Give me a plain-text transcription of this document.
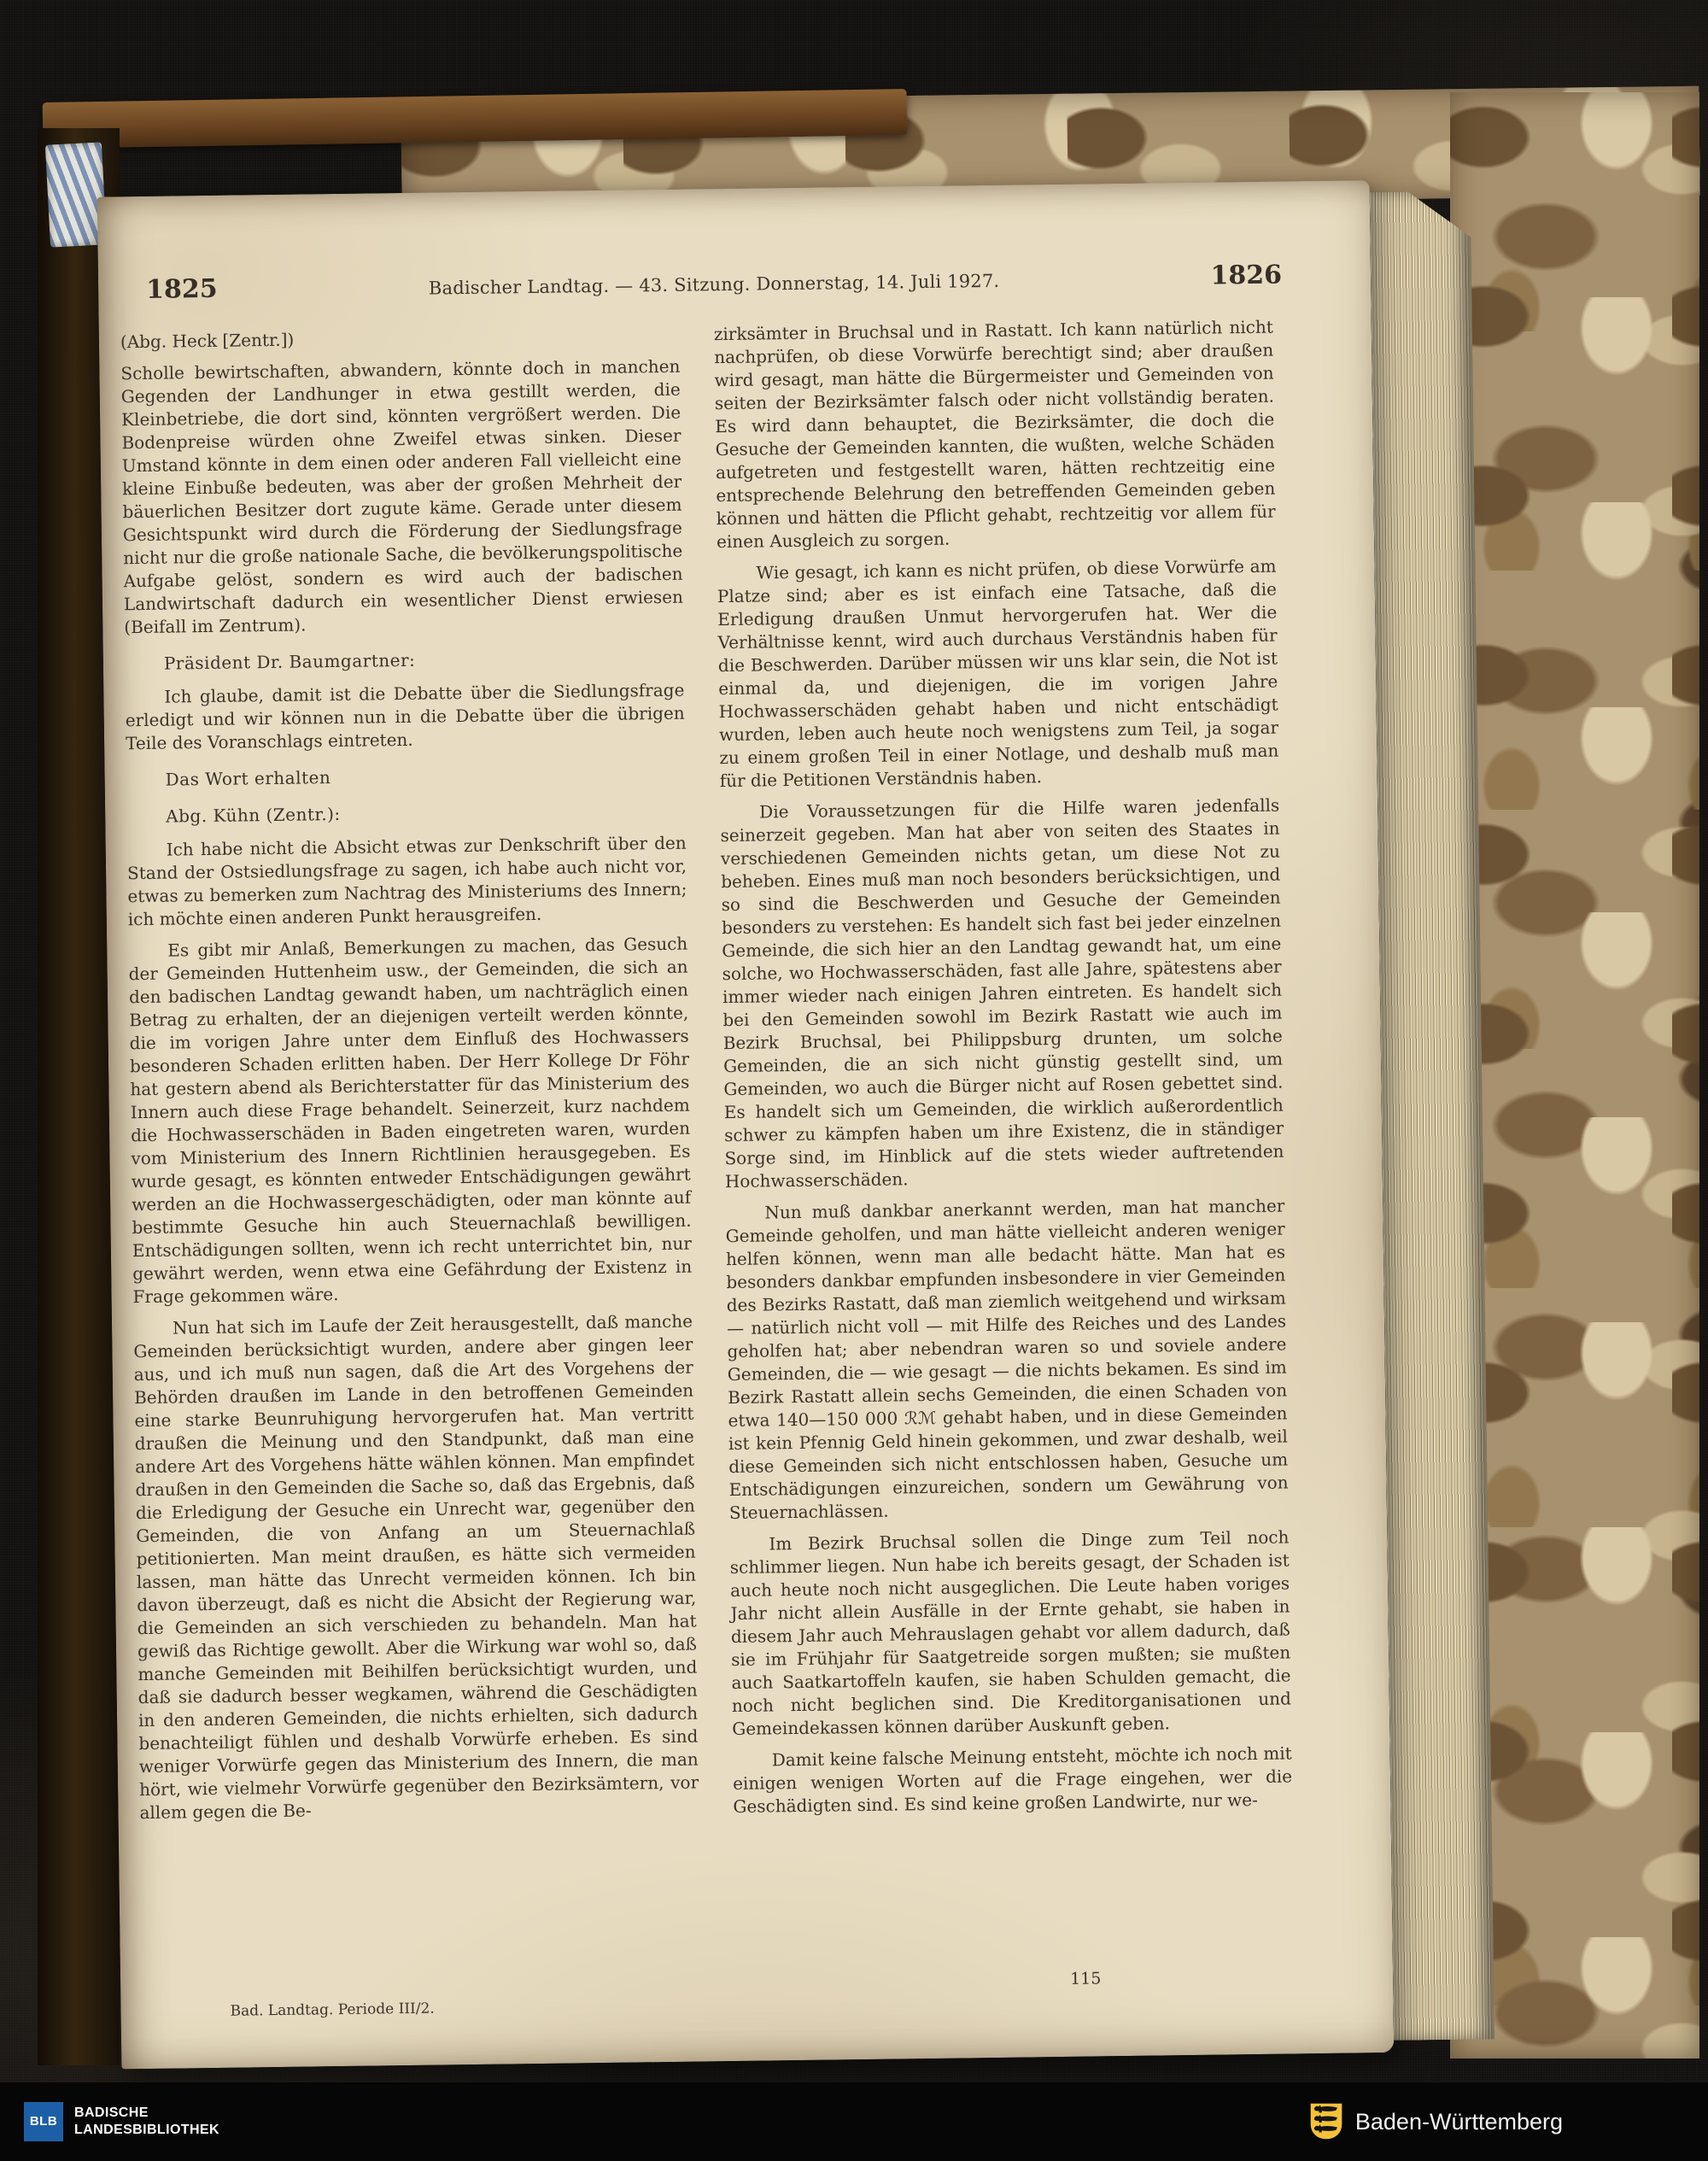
1825	Badischer Landtag. — 43. Sitzung. Donnerstag, 14. Juli 1927.	1826

(Abg. Heck [Zentr.])

Scholle bewirtschaften, abwandern, könnte doch in manchen Gegenden der Landhunger in etwa gestillt werden, die Kleinbetriebe, die dort sind, könnten vergrößert werden. Die Bodenpreise würden ohne Zweifel etwas sinken. Dieser Umstand könnte in dem einen oder anderen Fall vielleicht eine kleine Einbuße bedeuten, was aber der großen Mehrheit der bäuerlichen Besitzer dort zugute käme. Gerade unter diesem Gesichtspunkt wird durch die Förderung der Siedlungsfrage nicht nur die große nationale Sache, die bevölkerungspolitische Aufgabe gelöst, sondern es wird auch der badischen Landwirtschaft dadurch ein wesentlicher Dienst erwiesen (Beifall im Zentrum).

Präsident Dr. Baumgartner:

Ich glaube, damit ist die Debatte über die Siedlungsfrage erledigt und wir können nun in die Debatte über die übrigen Teile des Voranschlags eintreten.

Das Wort erhalten

Abg. Kühn (Zentr.):

Ich habe nicht die Absicht etwas zur Denkschrift über den Stand der Ostsiedlungsfrage zu sagen, ich habe auch nicht vor, etwas zu bemerken zum Nachtrag des Ministeriums des Innern; ich möchte einen anderen Punkt herausgreifen.

Es gibt mir Anlaß, Bemerkungen zu machen, das Gesuch der Gemeinden Huttenheim usw., der Gemeinden, die sich an den badischen Landtag gewandt haben, um nachträglich einen Betrag zu erhalten, der an diejenigen verteilt werden könnte, die im vorigen Jahre unter dem Einfluß des Hochwassers besonderen Schaden erlitten haben. Der Herr Kollege Dr Föhr hat gestern abend als Berichterstatter für das Ministerium des Innern auch diese Frage behandelt. Seinerzeit, kurz nachdem die Hochwasserschäden in Baden eingetreten waren, wurden vom Ministerium des Innern Richtlinien herausgegeben. Es wurde gesagt, es könnten entweder Entschädigungen gewährt werden an die Hochwassergeschädigten, oder man könnte auf bestimmte Gesuche hin auch Steuernachlaß bewilligen. Entschädigungen sollten, wenn ich recht unterrichtet bin, nur gewährt werden, wenn etwa eine Gefährdung der Existenz in Frage gekommen wäre.

Nun hat sich im Laufe der Zeit herausgestellt, daß manche Gemeinden berücksichtigt wurden, andere aber gingen leer aus, und ich muß nun sagen, daß die Art des Vorgehens der Behörden draußen im Lande in den betroffenen Gemeinden eine starke Beunruhigung hervorgerufen hat. Man vertritt draußen die Meinung und den Standpunkt, daß man eine andere Art des Vorgehens hätte wählen können. Man empfindet draußen in den Gemeinden die Sache so, daß das Ergebnis, daß die Erledigung der Gesuche ein Unrecht war, gegenüber den Gemeinden, die von Anfang an um Steuernachlaß petitionierten. Man meint draußen, es hätte sich vermeiden lassen, man hätte das Unrecht vermeiden können. Ich bin davon überzeugt, daß es nicht die Absicht der Regierung war, die Gemeinden an sich verschieden zu behandeln. Man hat gewiß das Richtige gewollt. Aber die Wirkung war wohl so, daß manche Gemeinden mit Beihilfen berücksichtigt wurden, und daß sie dadurch besser wegkamen, während die Geschädigten in den anderen Gemeinden, die nichts erhielten, sich dadurch benachteiligt fühlen und deshalb Vorwürfe erheben. Es sind weniger Vorwürfe gegen das Ministerium des Innern, die man hört, wie vielmehr Vorwürfe gegenüber den Bezirksämtern, vor allem gegen die Be-

zirksämter in Bruchsal und in Rastatt. Ich kann natürlich nicht nachprüfen, ob diese Vorwürfe berechtigt sind; aber draußen wird gesagt, man hätte die Bürgermeister und Gemeinden von seiten der Bezirksämter falsch oder nicht vollständig beraten. Es wird dann behauptet, die Bezirksämter, die doch die Gesuche der Gemeinden kannten, die wußten, welche Schäden aufgetreten und festgestellt waren, hätten rechtzeitig eine entsprechende Belehrung den betreffenden Gemeinden geben können und hätten die Pflicht gehabt, rechtzeitig vor allem für einen Ausgleich zu sorgen.

Wie gesagt, ich kann es nicht prüfen, ob diese Vorwürfe am Platze sind; aber es ist einfach eine Tatsache, daß die Erledigung draußen Unmut hervorgerufen hat. Wer die Verhältnisse kennt, wird auch durchaus Verständnis haben für die Beschwerden. Darüber müssen wir uns klar sein, die Not ist einmal da, und diejenigen, die im vorigen Jahre Hochwasserschäden gehabt haben und nicht entschädigt wurden, leben auch heute noch wenigstens zum Teil, ja sogar zu einem großen Teil in einer Notlage, und deshalb muß man für die Petitionen Verständnis haben.

Die Voraussetzungen für die Hilfe waren jedenfalls seinerzeit gegeben. Man hat aber von seiten des Staates in verschiedenen Gemeinden nichts getan, um diese Not zu beheben. Eines muß man noch besonders berücksichtigen, und so sind die Beschwerden und Gesuche der Gemeinden besonders zu verstehen: Es handelt sich fast bei jeder einzelnen Gemeinde, die sich hier an den Landtag gewandt hat, um eine solche, wo Hochwasserschäden, fast alle Jahre, spätestens aber immer wieder nach einigen Jahren eintreten. Es handelt sich bei den Gemeinden sowohl im Bezirk Rastatt wie auch im Bezirk Bruchsal, bei Philippsburg drunten, um solche Gemeinden, die an sich nicht günstig gestellt sind, um Gemeinden, wo auch die Bürger nicht auf Rosen gebettet sind. Es handelt sich um Gemeinden, die wirklich außerordentlich schwer zu kämpfen haben um ihre Existenz, die in ständiger Sorge sind, im Hinblick auf die stets wieder auftretenden Hochwasserschäden.

Nun muß dankbar anerkannt werden, man hat mancher Gemeinde geholfen, und man hätte vielleicht anderen weniger helfen können, wenn man alle bedacht hätte. Man hat es besonders dankbar empfunden insbesondere in vier Gemeinden des Bezirks Rastatt, daß man ziemlich weitgehend und wirksam — natürlich nicht voll — mit Hilfe des Reiches und des Landes geholfen hat; aber nebendran waren so und soviele andere Gemeinden, die — wie gesagt — die nichts bekamen. Es sind im Bezirk Rastatt allein sechs Gemeinden, die einen Schaden von etwa 140—150 000 ℛℳ gehabt haben, und in diese Gemeinden ist kein Pfennig Geld hinein gekommen, und zwar deshalb, weil diese Gemeinden sich nicht entschlossen haben, Gesuche um Entschädigungen einzureichen, sondern um Gewährung von Steuernachlässen.

Im Bezirk Bruchsal sollen die Dinge zum Teil noch schlimmer liegen. Nun habe ich bereits gesagt, der Schaden ist auch heute noch nicht ausgeglichen. Die Leute haben voriges Jahr nicht allein Ausfälle in der Ernte gehabt, sie haben in diesem Jahr auch Mehrauslagen gehabt vor allem dadurch, daß sie im Frühjahr für Saatgetreide sorgen mußten; sie mußten auch Saatkartoffeln kaufen, sie haben Schulden gemacht, die noch nicht beglichen sind. Die Kreditorganisationen und Gemeindekassen können darüber Auskunft geben.

Damit keine falsche Meinung entsteht, möchte ich noch mit einigen wenigen Worten auf die Frage eingehen, wer die Geschädigten sind. Es sind keine großen Landwirte, nur we-

Bad. Landtag. Periode III/2.
115
BLB
BADISCHE
LANDESBIBLIOTHEK	Baden-Württemberg
